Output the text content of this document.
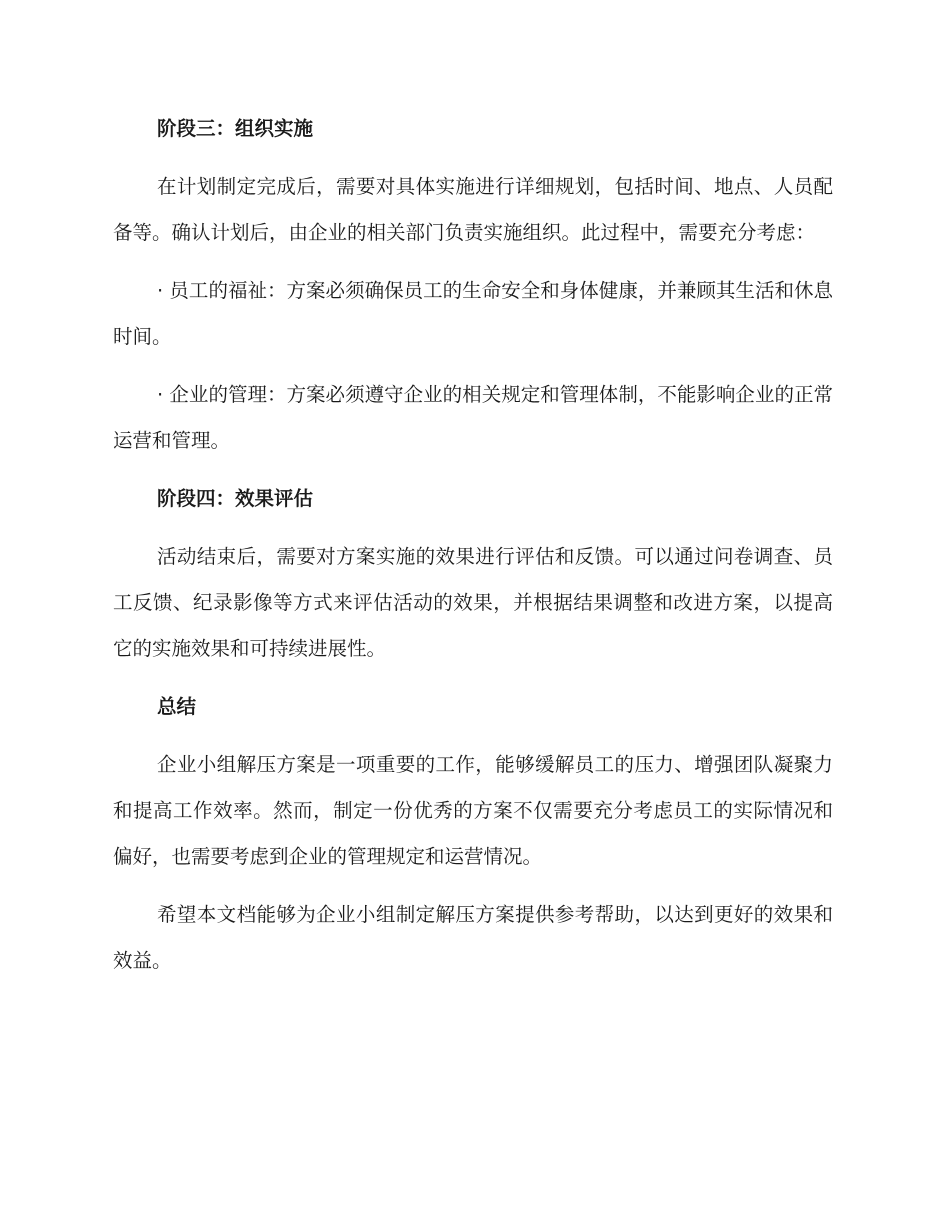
阶段三：组织实施

在计划制定完成后，需要对具体实施进行详细规划，包括时间、地点、人员配备等。确认计划后，由企业的相关部门负责实施组织。此过程中，需要充分考虑：

· 员工的福祉：方案必须确保员工的生命安全和身体健康，并兼顾其生活和休息时间。

· 企业的管理：方案必须遵守企业的相关规定和管理体制，不能影响企业的正常运营和管理。

阶段四：效果评估

活动结束后，需要对方案实施的效果进行评估和反馈。可以通过问卷调查、员工反馈、纪录影像等方式来评估活动的效果，并根据结果调整和改进方案，以提高它的实施效果和可持续进展性。

总结

企业小组解压方案是一项重要的工作，能够缓解员工的压力、增强团队凝聚力和提高工作效率。然而，制定一份优秀的方案不仅需要充分考虑员工的实际情况和偏好，也需要考虑到企业的管理规定和运营情况。

希望本文档能够为企业小组制定解压方案提供参考帮助，以达到更好的效果和效益。
